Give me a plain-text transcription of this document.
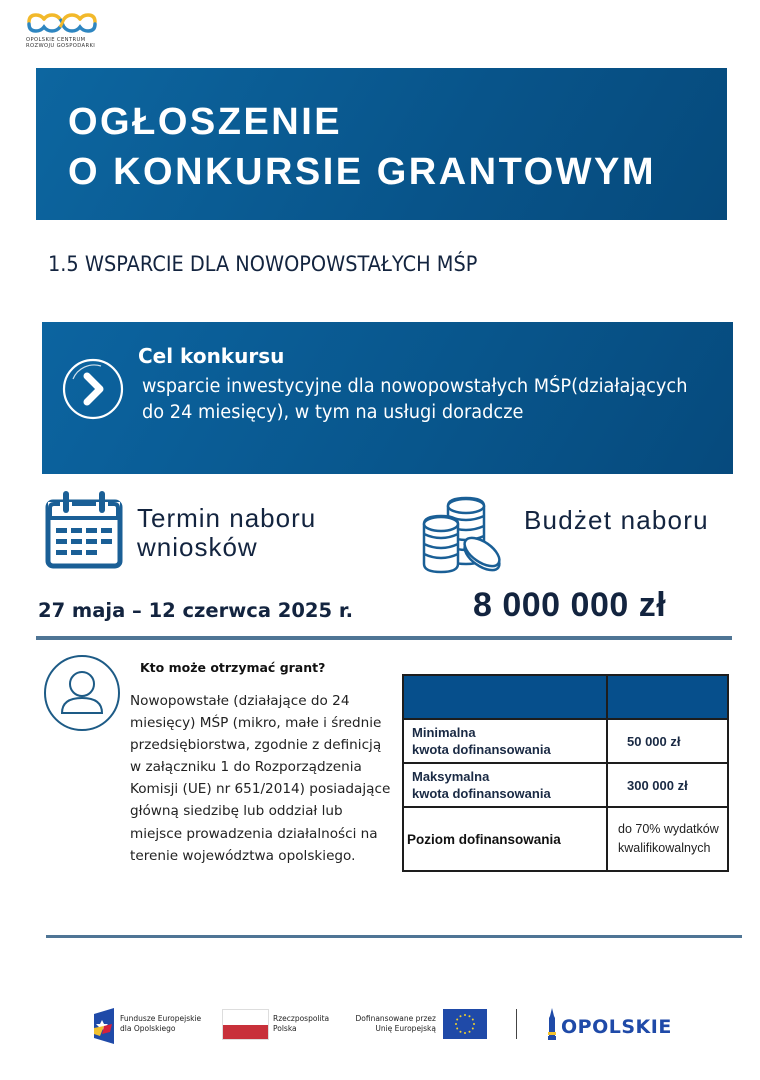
OPOLSKIE CENTRUM
ROZWOJU GOSPODARKI
OGŁOSZENIE
O KONKURSIE GRANTOWYM
1.5 WSPARCIE DLA NOWOPOWSTAŁYCH MŚP
Cel konkursu
wsparcie inwestycyjne dla nowopowstałych MŚP(działających do 24 miesięcy), w tym na usługi doradcze
Termin naboru
wniosków
Budżet naboru
27 maja – 12 czerwca 2025 r.	8 000 000 zł
Kto może otrzymać grant?
Nowopowstałe (działające do 24 miesięcy) MŚP (mikro, małe i średnie przedsiębiorstwa, zgodnie z definicją w załączniku 1 do Rozporządzenia Komisji (UE) nr 651/2014) posiadające główną siedzibę lub oddział lub miejsce prowadzenia działalności na terenie województwa opolskiego.

Minimalna
kwota dofinansowania	50 000 zł

Maksymalna
kwota dofinansowania	300 000 zł
Poziom dofinansowania	do 70% wydatków
kwalifikowalnych
Fundusze Europejskie
dla Opolskiego
Rzeczpospolita
Polska
Dofinansowane przez
Unię Europejską	OPOLSKIE
